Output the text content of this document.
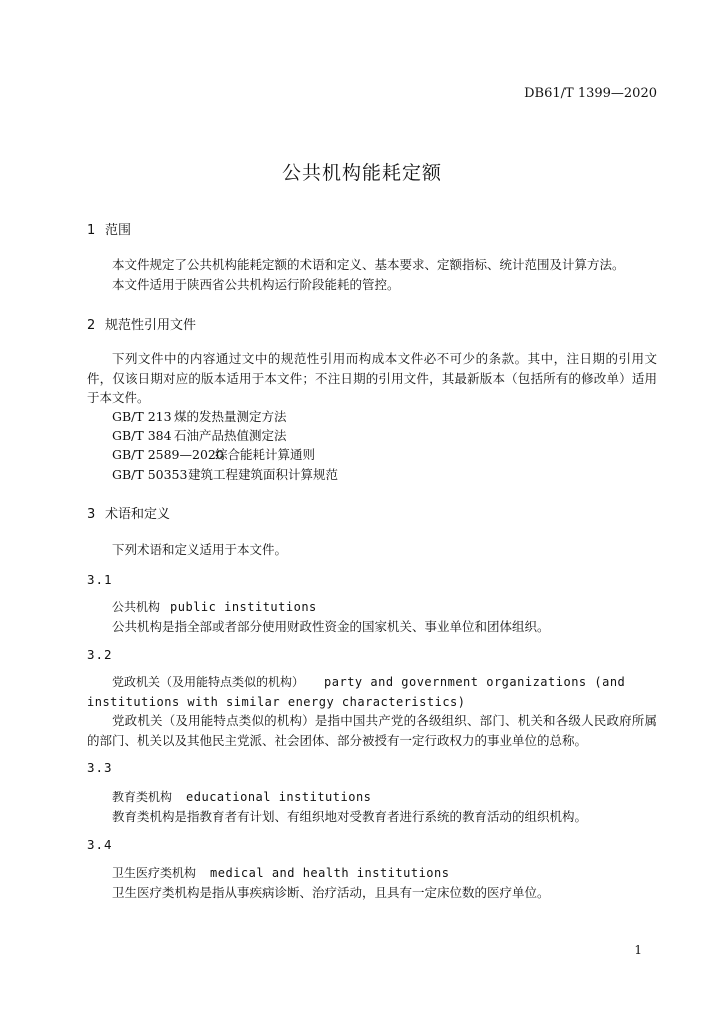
DB61/T 1399—2020
公共机构能耗定额
1 范围
本文件规定了公共机构能耗定额的术语和定义、基本要求、定额指标、统计范围及计算方法。
本文件适用于陕西省公共机构运行阶段能耗的管控。
2 规范性引用文件
下列文件中的内容通过文中的规范性引用而构成本文件必不可少的条款。其中，注日期的引用文件，仅该日期对应的版本适用于本文件；不注日期的引用文件，其最新版本（包括所有的修改单）适用于本文件。
GB/T 213 煤的发热量测定方法
GB/T 384 石油产品热值测定法
GB/T 2589—2020综合能耗计算通则
GB/T 50353建筑工程建筑面积计算规范
3 术语和定义
下列术语和定义适用于本文件。
3.1
公共机构 public institutions
公共机构是指全部或者部分使用财政性资金的国家机关、事业单位和团体组织。
3.2
党政机关（及用能特点类似的机构） party and government organizations (and institutions with similar energy characteristics)
党政机关（及用能特点类似的机构）是指中国共产党的各级组织、部门、机关和各级人民政府所属的部门、机关以及其他民主党派、社会团体、部分被授有一定行政权力的事业单位的总称。
3.3
教育类机构 educational institutions
教育类机构是指教育者有计划、有组织地对受教育者进行系统的教育活动的组织机构。
3.4
卫生医疗类机构 medical and health institutions
卫生医疗类机构是指从事疾病诊断、治疗活动，且具有一定床位数的医疗单位。
1
